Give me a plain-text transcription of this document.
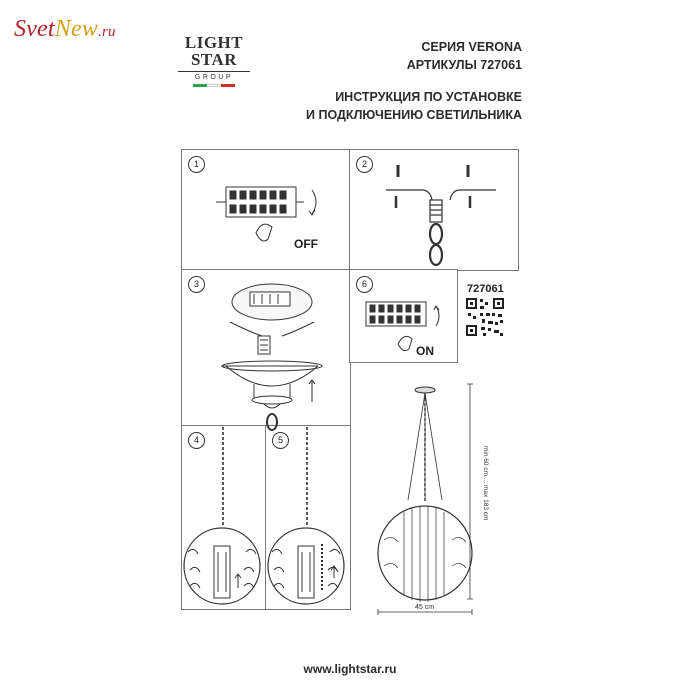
SvetNew.ru
LIGHT
STAR
GROUP
СЕРИЯ VERONA
АРТИКУЛЫ 727061
ИНСТРУКЦИЯ ПО УСТАНОВКЕ
И ПОДКЛЮЧЕНИЮ СВЕТИЛЬНИКА
1	2
3	6
4	5
OFF
ON
727061
45 cm
min 60 cm ... max 183 cm
www.lightstar.ru
